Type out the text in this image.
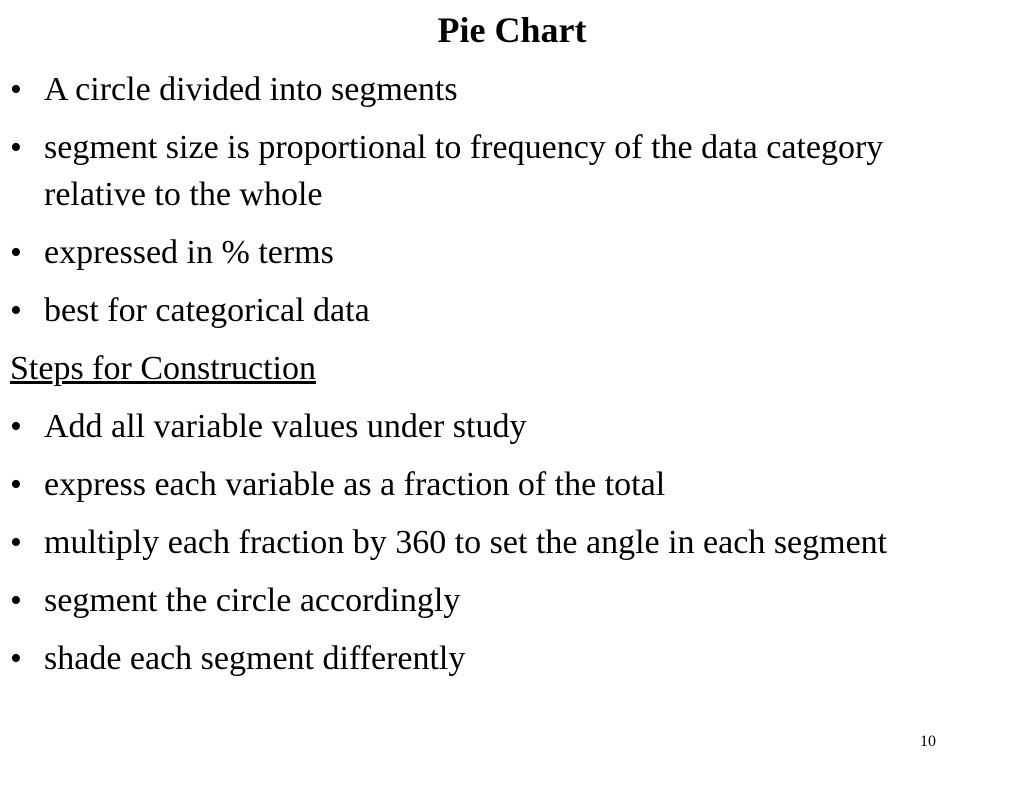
Pie Chart
• A circle divided into segments
• segment size is proportional to frequency of the data category relative to the whole
• expressed in % terms
• best for categorical data
Steps for Construction
• Add all variable values under study
• express each variable as a fraction of the total
• multiply each fraction by 360 to set the angle in each segment
• segment the circle accordingly
• shade each segment differently
10
